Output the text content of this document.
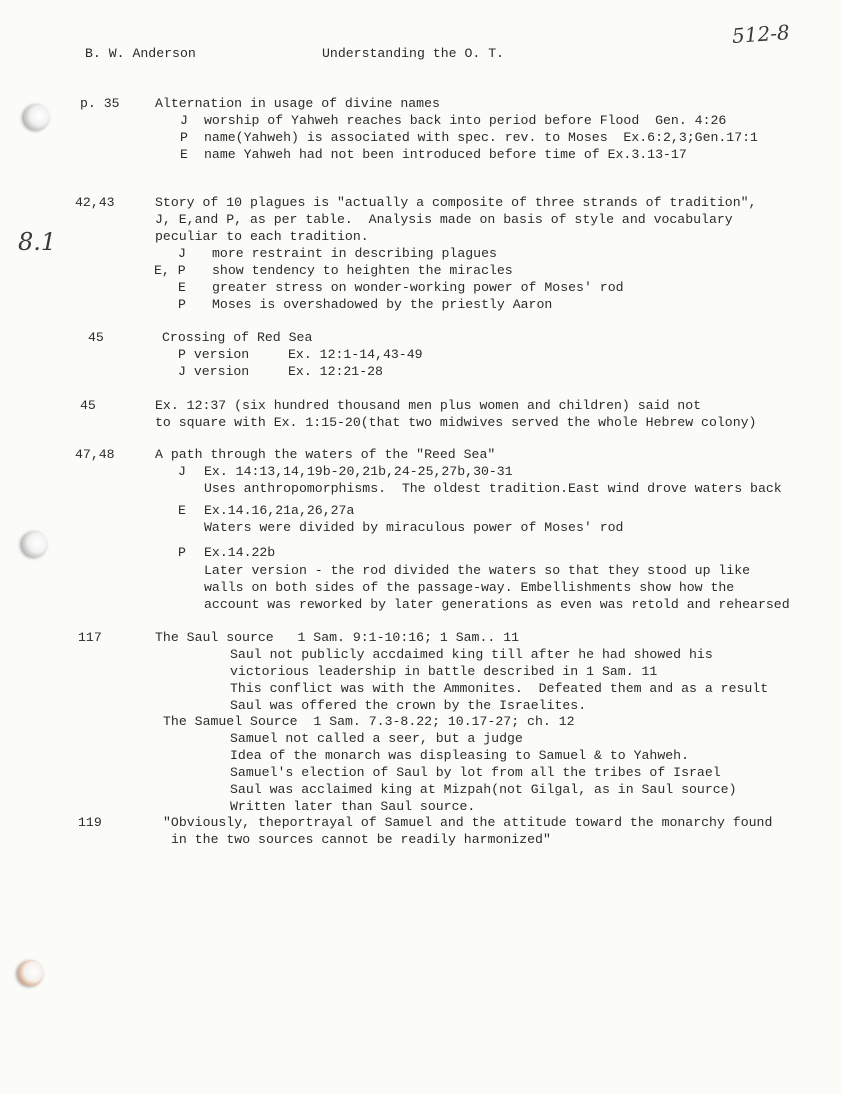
B. W. Anderson	Understanding the O. T.
512-8
8.1
p. 35	Alternation in usage of divine names
J worship of Yahweh reaches back into period before Flood  Gen. 4:26
P name(Yahweh) is associated with spec. rev. to Moses  Ex.6:2,3;Gen.17:1
E name Yahweh had not been introduced before time of Ex.3.13-17
42,43	Story of 10 plagues is "actually a composite of three strands of tradition",
J, E,and P, as per table.  Analysis made on basis of style and vocabulary
peculiar to each tradition.
J more restraint in describing plagues
E, P show tendency to heighten the miracles
E greater stress on wonder-working power of Moses' rod
P Moses is overshadowed by the priestly Aaron
45	Crossing of Red Sea
P version	Ex. 12:1-14,43-49
J version	Ex. 12:21-28
45	Ex. 12:37 (six hundred thousand men plus women and children) said not
to square with Ex. 1:15-20(that two midwives served the whole Hebrew colony)
47,48	A path through the waters of the "Reed Sea"
J Ex. 14:13,14,19b-20,21b,24-25,27b,30-31
Uses anthropomorphisms.  The oldest tradition.East wind drove waters back
E Ex.14.16,21a,26,27a
Waters were divided by miraculous power of Moses' rod
P Ex.14.22b
Later version - the rod divided the waters so that they stood up like
walls on both sides of the passage-way. Embellishments show how the
account was reworked by later generations as even was retold and rehearsed
117	The Saul source   1 Sam. 9:1-10:16; 1 Sam.. 11
Saul not publicly accdaimed king till after he had showed his
victorious leadership in battle described in 1 Sam. 11
This conflict was with the Ammonites.  Defeated them and as a result
Saul was offered the crown by the Israelites.
The Samuel Source  1 Sam. 7.3-8.22; 10.17-27; ch. 12
Samuel not called a seer, but a judge
Idea of the monarch was displeasing to Samuel & to Yahweh.
Samuel's election of Saul by lot from all the tribes of Israel
Saul was acclaimed king at Mizpah(not Gilgal, as in Saul source)
Written later than Saul source.
119	"Obviously, theportrayal of Samuel and the attitude toward the monarchy found
in the two sources cannot be readily harmonized"
